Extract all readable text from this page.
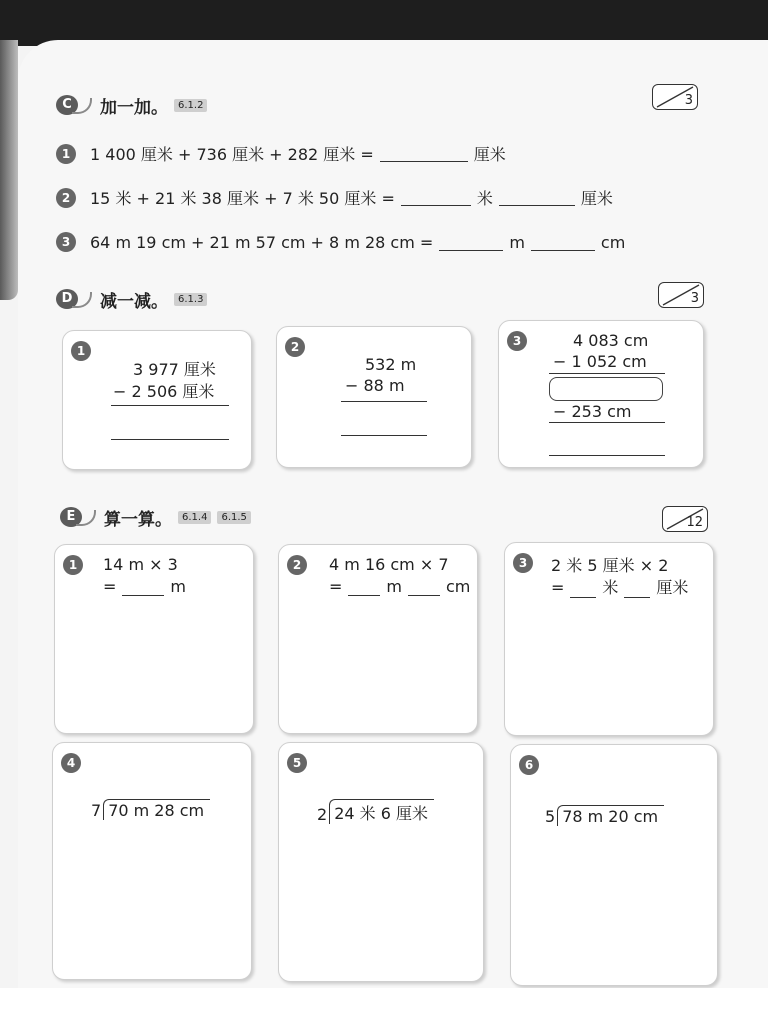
C	加一加。	6.1.2	3
1	1 400 厘米 + 736 厘米 + 282 厘米 =	厘米
2	15 米 + 21 米 38 厘米 + 7 米 50 厘米 =	米	厘米
3	64 m 19 cm + 21 m 57 cm + 8 m 28 cm =	m	cm
D	减一减。	6.1.3	3
1
3 977 厘米
− 2 506 厘米
2
532 m
− 88 m
3	4 083 cm
− 1 052 cm
− 253 cm
E	算一算。	6.1.4	6.1.5	12
1	14 m × 3
=	m
2	4 m 16 cm × 7
=	m	cm
3	2 米 5 厘米 × 2
= 米 厘米
4
7 70 m 28 cm
5
2 24 米 6 厘米
6
5 78 m 20 cm
